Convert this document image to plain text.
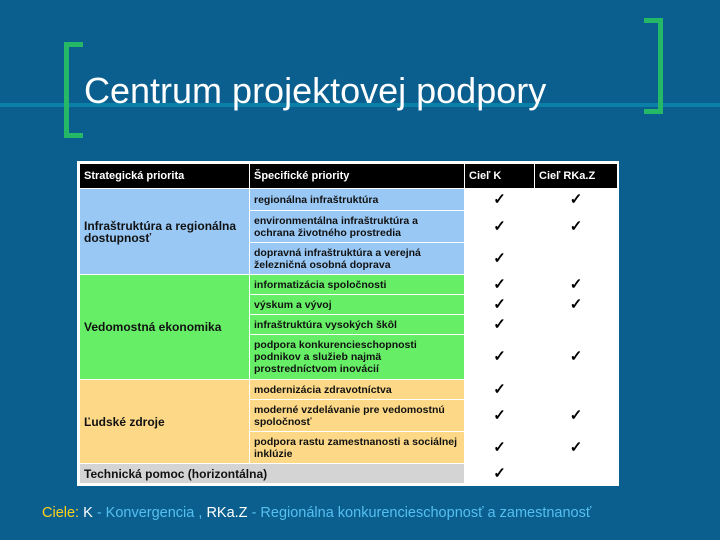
Centrum projektovej podpory
Strategická priorita	Špecifické priority	Cieľ K	Cieľ RKa.Z
Infraštruktúra a regionálna dostupnosť	regionálna infraštruktúra	✓	✓
	environmentálna infraštruktúra a ochrana životného prostredia	✓	✓
	dopravná infraštruktúra a verejná železničná osobná doprava	✓	
Vedomostná ekonomika	informatizácia spoločnosti	✓	✓
	výskum a vývoj	✓	✓
	infraštruktúra vysokých škôl	✓	
	podpora konkurencieschopnosti podnikov a služieb najmä prostredníctvom inovácií	✓	✓
Ľudské zdroje	modernizácia zdravotníctva	✓	
	moderné vzdelávanie pre vedomostnú spoločnosť	✓	✓
	podpora rastu zamestnanosti a sociálnej inklúzie	✓	✓
Technická pomoc (horizontálna)		✓	
Ciele: K - Konvergencia , RKa.Z - Regionálna konkurencieschopnosť a zamestnanosť
